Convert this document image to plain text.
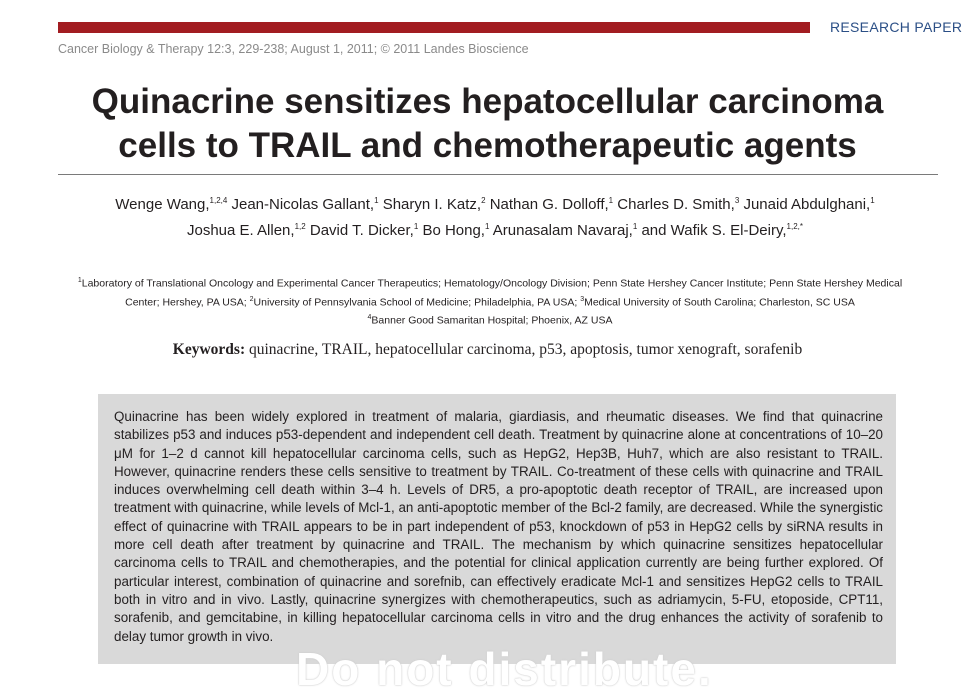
RESEARCH PAPER
Cancer Biology & Therapy 12:3, 229-238; August 1, 2011; © 2011 Landes Bioscience
Quinacrine sensitizes hepatocellular carcinoma
cells to TRAIL and chemotherapeutic agents
Wenge Wang,$^{1,2,4}$ Jean-Nicolas Gallant,$^1$ Sharyn I. Katz,$^2$ Nathan G. Dolloff,$^1$ Charles D. Smith,$^3$ Junaid Abdulghani,$^1$
Joshua E. Allen,$^{1,2}$ David T. Dicker,$^1$ Bo Hong,$^1$ Arunasalam Navaraj,$^1$ and Wafik S. El-Deiry,$^{1,2,*}$
$^1$Laboratory of Translational Oncology and Experimental Cancer Therapeutics; Hematology/Oncology Division; Penn State Hershey Cancer Institute; Penn State Hershey Medical Center; Hershey, PA USA; $^2$University of Pennsylvania School of Medicine; Philadelphia, PA USA; $^3$Medical University of South Carolina; Charleston, SC USA
$^4$Banner Good Samaritan Hospital; Phoenix, AZ USA
Keywords: quinacrine, TRAIL, hepatocellular carcinoma, p53, apoptosis, tumor xenograft, sorafenib
Quinacrine has been widely explored in treatment of malaria, giardiasis, and rheumatic diseases. We find that quinacrine stabilizes p53 and induces p53-dependent and independent cell death. Treatment by quinacrine alone at concentrations of 10–20 μM for 1–2 d cannot kill hepatocellular carcinoma cells, such as HepG2, Hep3B, Huh7, which are also resistant to TRAIL. However, quinacrine renders these cells sensitive to treatment by TRAIL. Co-treatment of these cells with quinacrine and TRAIL induces overwhelming cell death within 3–4 h. Levels of DR5, a pro-apoptotic death receptor of TRAIL, are increased upon treatment with quinacrine, while levels of Mcl-1, an anti-apoptotic member of the Bcl-2 family, are decreased. While the synergistic effect of quinacrine with TRAIL appears to be in part independent of p53, knockdown of p53 in HepG2 cells by siRNA results in more cell death after treatment by quinacrine and TRAIL. The mechanism by which quinacrine sensitizes hepatocellular carcinoma cells to TRAIL and chemotherapies, and the potential for clinical application currently are being further explored. Of particular interest, combination of quinacrine and sorefnib, can effectively eradicate Mcl-1 and sensitizes HepG2 cells to TRAIL both in vitro and in vivo. Lastly, quinacrine synergizes with chemotherapeutics, such as adriamycin, 5-FU, etoposide, CPT11, sorafenib, and gemcitabine, in killing hepatocellular carcinoma cells in vitro and the drug enhances the activity of sorafenib to delay tumor growth in vivo.
Do not distribute.
